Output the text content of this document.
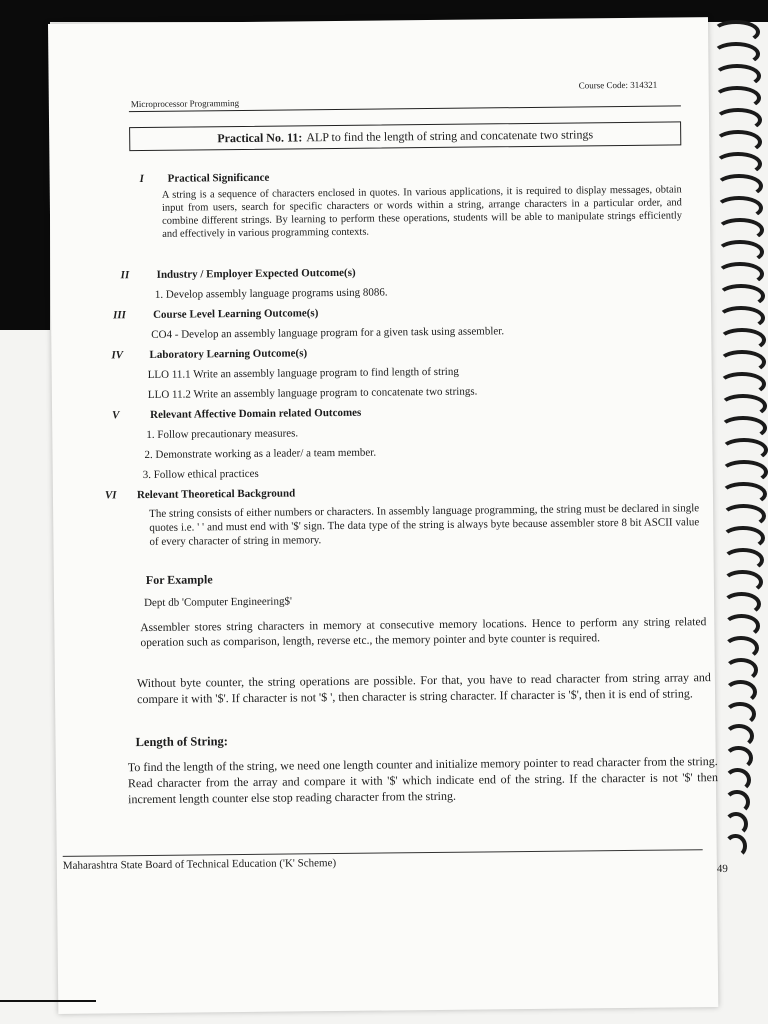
Microprocessor Programming
Course Code: 314321
Practical No. 11: ALP to find the length of string and concatenate two strings
I Practical Significance
A string is a sequence of characters enclosed in quotes. In various applications, it is required to display messages, obtain input from users, search for specific characters or words within a string, arrange characters in a particular order, and combine different strings. By learning to perform these operations, students will be able to manipulate strings efficiently and effectively in various programming contexts.
II Industry / Employer Expected Outcome(s)
1. Develop assembly language programs using 8086.
III Course Level Learning Outcome(s)
CO4 - Develop an assembly language program for a given task using assembler.
IV Laboratory Learning Outcome(s)
LLO 11.1 Write an assembly language program to find length of string
LLO 11.2 Write an assembly language program to concatenate two strings.
V	Relevant Affective Domain related Outcomes
1. Follow precautionary measures.
2. Demonstrate working as a leader/ a team member.
3. Follow ethical practices
VI Relevant Theoretical Background
The string consists of either numbers or characters. In assembly language programming, the string must be declared in single quotes i.e. ' ' and must end with '$' sign. The data type of the string is always byte because assembler store 8 bit ASCII value of every character of string in memory.
For Example
Dept db 'Computer Engineering$'
Assembler stores string characters in memory at consecutive memory locations. Hence to perform any string related operation such as comparison, length, reverse etc., the memory pointer and byte counter is required.
Without byte counter, the string operations are possible. For that, you have to read character from string array and compare it with '$'. If character is not '$ ', then character is string character. If character is '$', then it is end of string.
Length of String:
To find the length of the string, we need one length counter and initialize memory pointer to read character from the string. Read character from the array and compare it with '$' which indicate end of the string. If the character is not '$' then increment length counter else stop reading character from the string.
Maharashtra State Board of Technical Education ('K' Scheme)	49
